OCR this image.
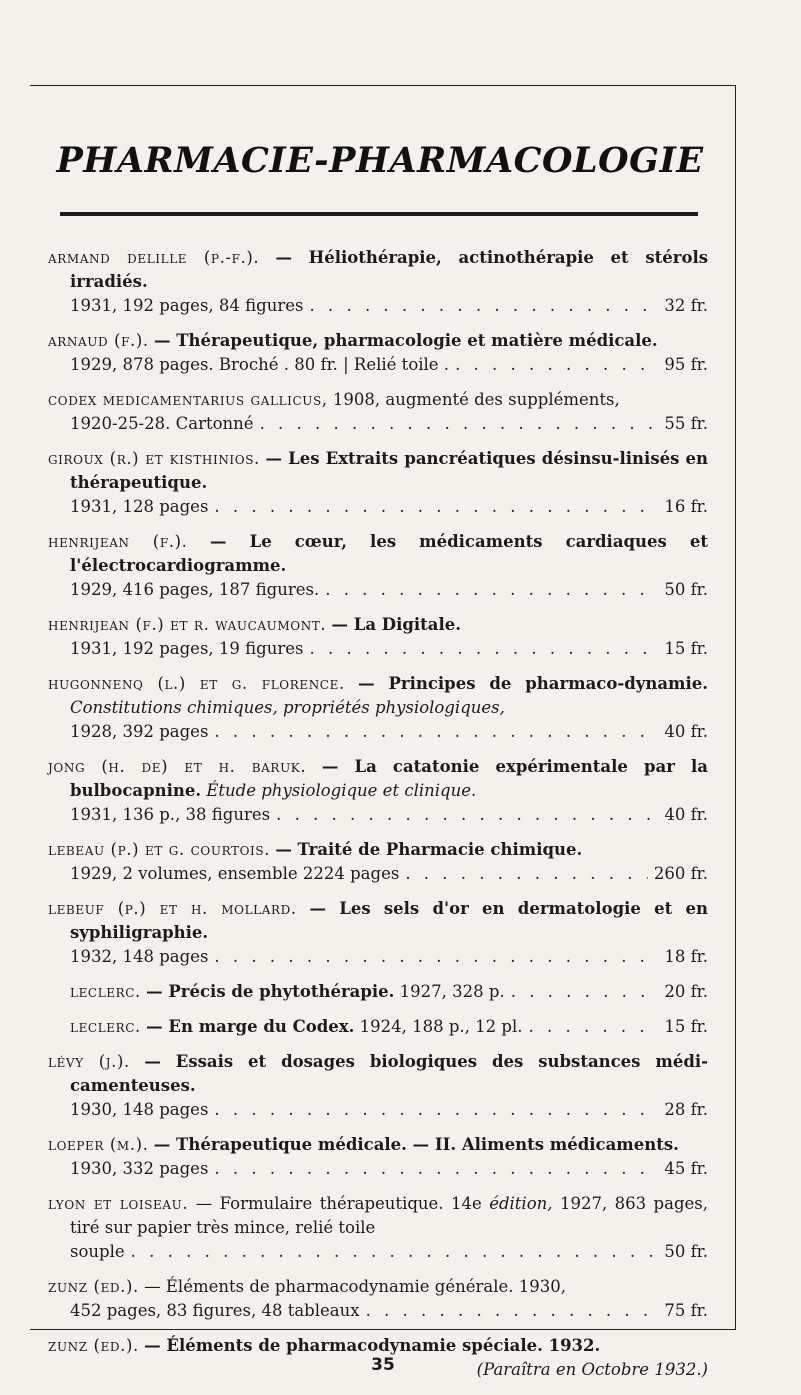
PHARMACIE-PHARMACOLOGIE
armand delille (p.-f.). — Héliothérapie, actinothérapie et stérols irradiés.
1931, 192 pages, 84 figures . . .	32 fr.
arnaud (f.). — Thérapeutique, pharmacologie et matière médicale.
1929, 878 pages. Broché . 80 fr. | Relié toile . . . .	95 fr.
codex medicamentarius gallicus, 1908, augmenté des suppléments,
1920-25-28. Cartonné . . .	55 fr.
giroux (r.) et kisthinios. — Les Extraits pancréatiques désinsu-linisés en thérapeutique.
1931, 128 pages . . .	16 fr.
henrijean (f.). — Le cœur, les médicaments cardiaques et l'électrocardiogramme.
1929, 416 pages, 187 figures. . . .	50 fr.
henrijean (f.) et r. waucaumont. — La Digitale.
1931, 192 pages, 19 figures . . .	15 fr.
hugonnenq (l.) et g. florence. — Principes de pharmaco-dynamie. Constitutions chimiques, propriétés physiologiques,
1928, 392 pages . . .	40 fr.
jong (h. de) et h. baruk. — La catatonie expérimentale par la bulbocapnine. Étude physiologique et clinique.
1931, 136 p., 38 figures . . .	40 fr.
lebeau (p.) et g. courtois. — Traité de Pharmacie chimique.
1929, 2 volumes, ensemble 2224 pages . . .	260 fr.
lebeuf (p.) et h. mollard. — Les sels d'or en dermatologie et en syphiligraphie.
1932, 148 pages . . .	18 fr.
leclerc. — Précis de phytothérapie. 1927, 328 p. . . .	20 fr.
leclerc. — En marge du Codex. 1924, 188 p., 12 pl. . . .	15 fr.
lévy (j.). — Essais et dosages biologiques des substances médi-camenteuses.
1930, 148 pages . . .	28 fr.
loeper (m.). — Thérapeutique médicale. — II. Aliments médicaments.
1930, 332 pages . . .	45 fr.
lyon et loiseau. — Formulaire thérapeutique. 14e édition, 1927, 863 pages, tiré sur papier très mince, relié toile
souple . . .	50 fr.
zunz (ed.). — Éléments de pharmacodynamie générale. 1930,
452 pages, 83 figures, 48 tableaux . . .	75 fr.
zunz (ed.). — Éléments de pharmacodynamie spéciale. 1932.
(Paraîtra en Octobre 1932.)
35
